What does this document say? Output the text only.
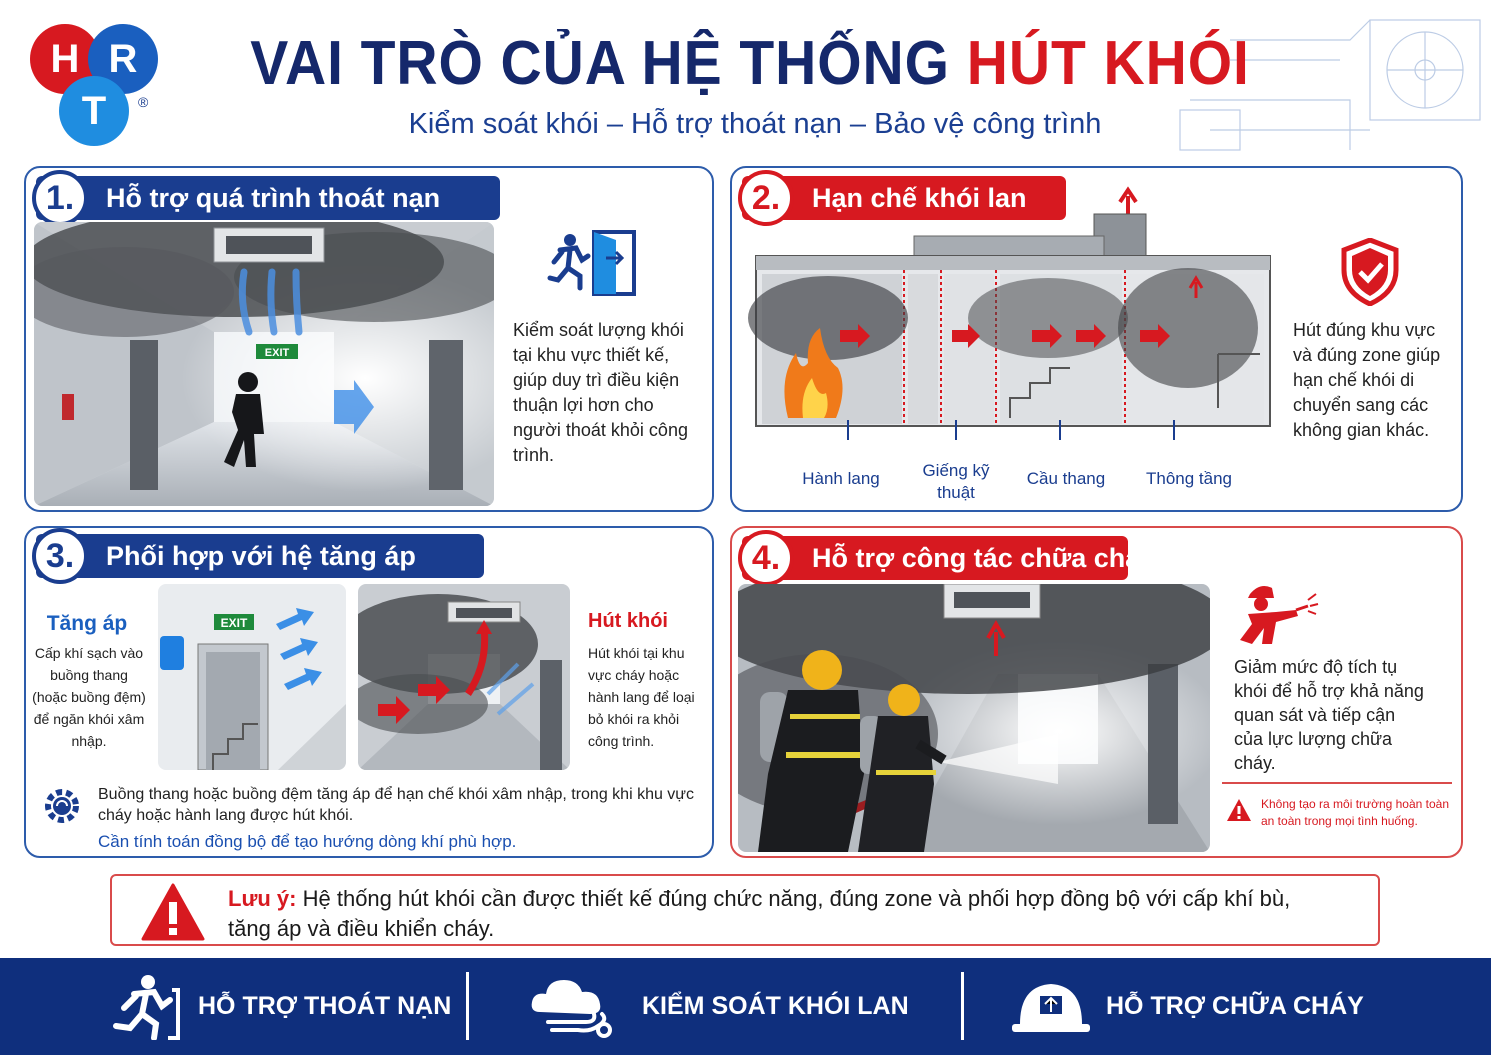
H R
T	®
VAI TRÒ CỦA HỆ THỐNG HÚT KHÓI
Kiểm soát khói – Hỗ trợ thoát nạn – Bảo vệ công trình
1.	Hỗ trợ quá trình thoát nạn
EXIT
Kiểm soát lượng khói tại khu vực thiết kế, giúp duy trì điều kiện thuận lợi hơn cho người thoát khỏi công trình.
2.	Hạn chế khói lan
Hành lang	Giếng kỹ thuật
Cầu thang	Thông tầng
Hút đúng khu vực và đúng zone giúp hạn chế khói di chuyển sang các không gian khác.
3.	Phối hợp với hệ tăng áp
Tăng áp
Cấp khí sạch vào buồng thang (hoặc buồng đệm) để ngăn khói xâm nhập.
EXIT	Hút khói
Hút khói tại khu vực cháy hoặc hành lang để loại bỏ khói ra khỏi công trình.
Buồng thang hoặc buồng đệm tăng áp để hạn chế khói xâm nhập, trong khi khu vực cháy hoặc hành lang được hút khói.
Cần tính toán đồng bộ để tạo hướng dòng khí phù hợp.
4.	Hỗ trợ công tác chữa cháy
Giảm mức độ tích tụ khói để hỗ trợ khả năng quan sát và tiếp cận của lực lượng chữa cháy.
Không tạo ra môi trường hoàn toàn an toàn trong mọi tình huống.
Lưu ý: Hệ thống hút khói cần được thiết kế đúng chức năng, đúng zone và phối hợp đồng bộ với cấp khí bù, tăng áp và điều khiển cháy.
HỖ TRỢ THOÁT NẠN	KIỂM SOÁT KHÓI LAN	HỖ TRỢ CHỮA CHÁY
